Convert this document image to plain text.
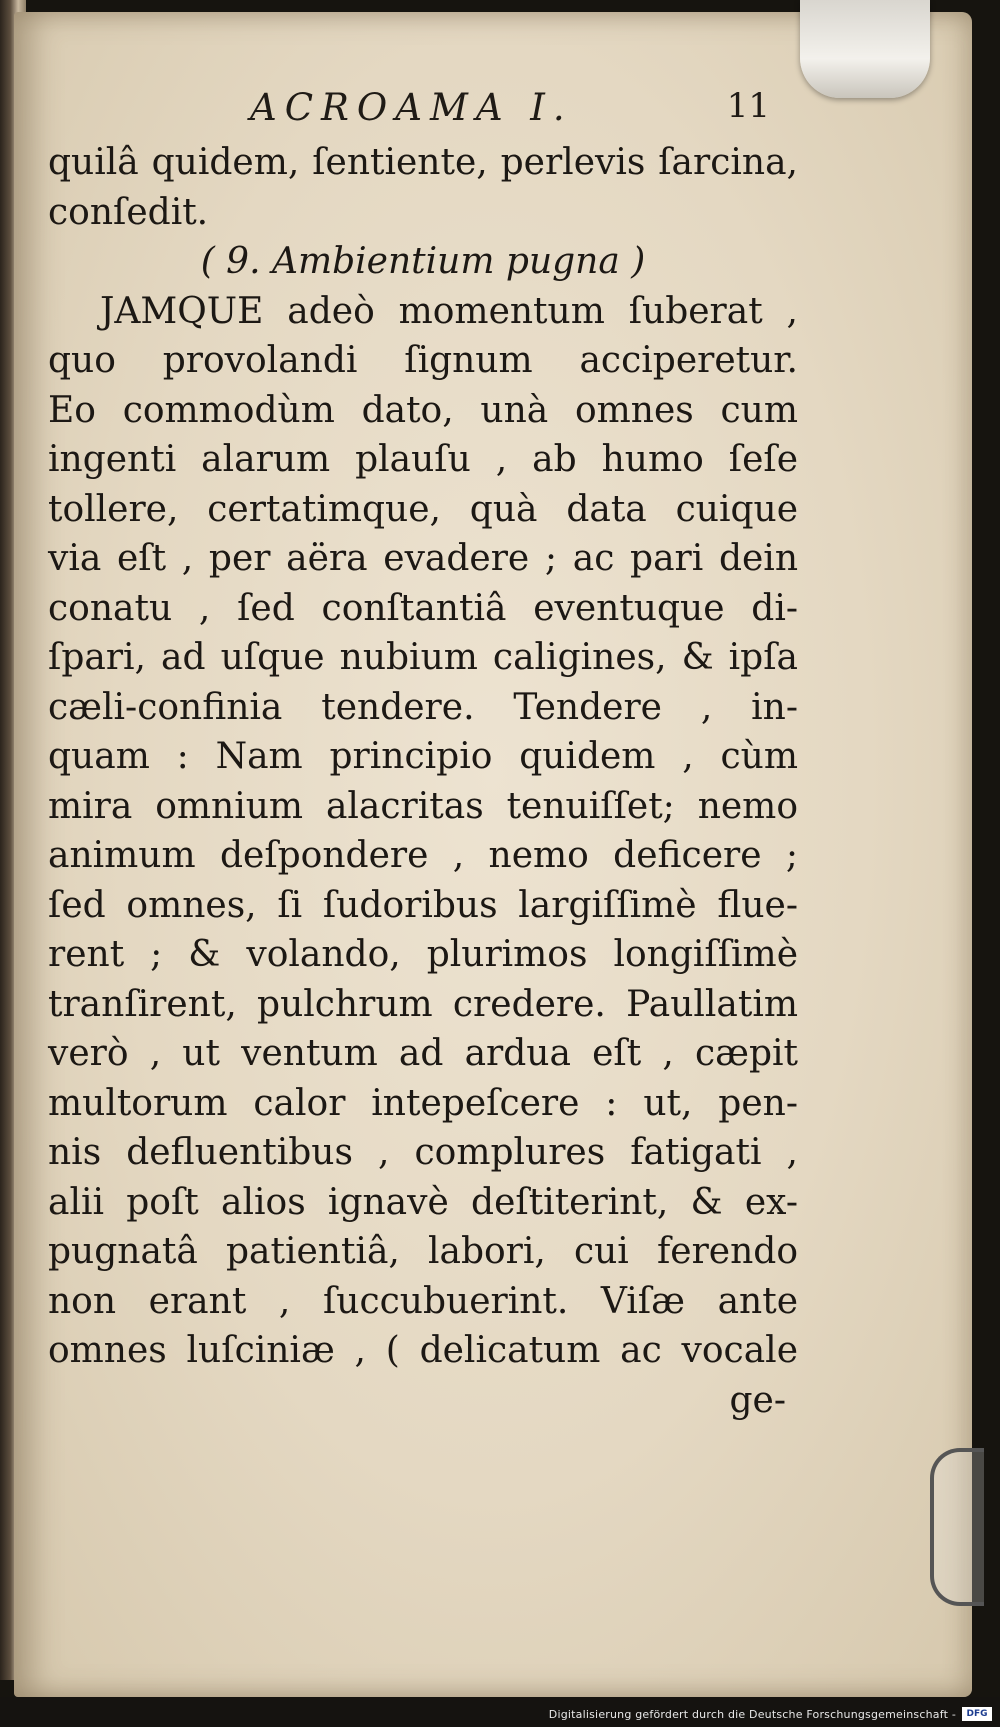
ACROAMA I.	11
quilâ quidem, ſentiente, perlevis ſarcina,
conſedit.
( 9. Ambientium pugna )
JAMQUE adeò momentum ſuberat ,
quo provolandi ſignum acciperetur.
Eo commodùm dato, unà omnes cum
ingenti alarum plauſu , ab humo ſeſe
tollere, certatimque, quà data cuique
via eſt , per aëra evadere ; ac pari dein
conatu , ſed conſtantiâ eventuque di-
ſpari, ad uſque nubium caligines, & ipſa
cæli-confinia tendere. Tendere , in-
quam : Nam principio quidem , cùm
mira omnium alacritas tenuiſſet; nemo
animum deſpondere , nemo deficere ;
ſed omnes, ſi ſudoribus largiſſimè flue-
rent ; & volando, plurimos longiſſimè
tranſirent, pulchrum credere. Paullatim
verò , ut ventum ad ardua eſt , cæpit
multorum calor intepeſcere : ut, pen-
nis defluentibus , complures fatigati ,
alii poſt alios ignavè deſtiterint, & ex-
pugnatâ patientiâ, labori, cui ferendo
non erant , ſuccubuerint. Viſæ ante
omnes luſciniæ , ( delicatum ac vocale
ge-
Digitalisierung gefördert durch die Deutsche Forschungsgemeinschaft -	DFG
